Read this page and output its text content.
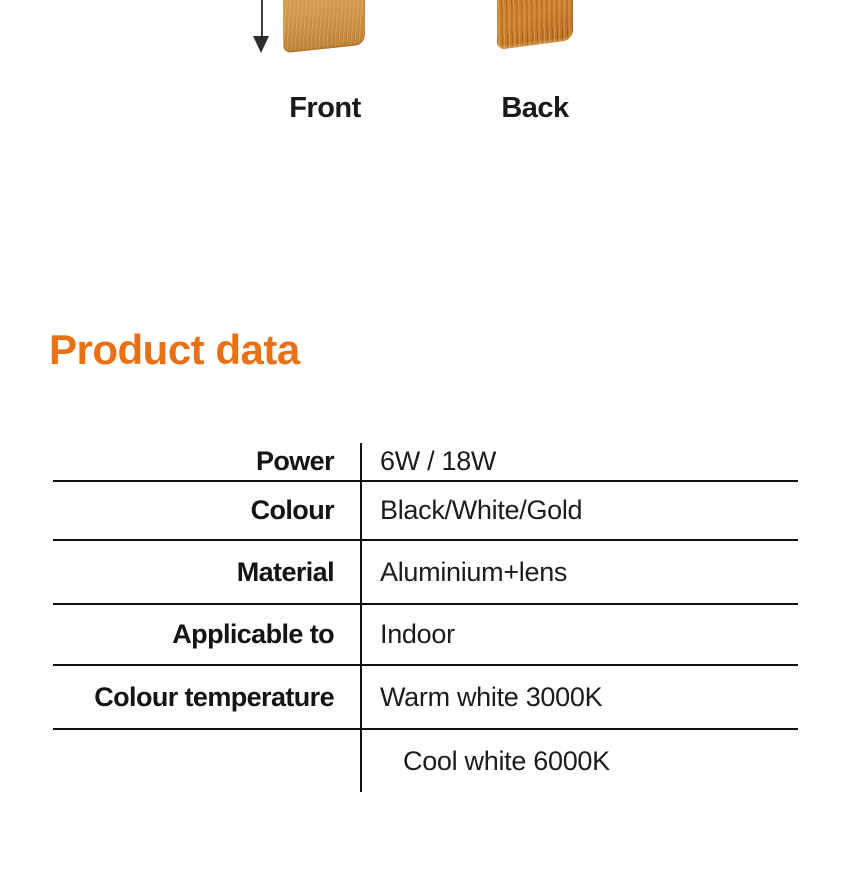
Front	Back
Product data
Power	6W / 18W
Colour	Black/White/Gold
Material	Aluminium+lens
Applicable to	Indoor
Colour temperature	Warm white 3000K
Cool white 6000K
